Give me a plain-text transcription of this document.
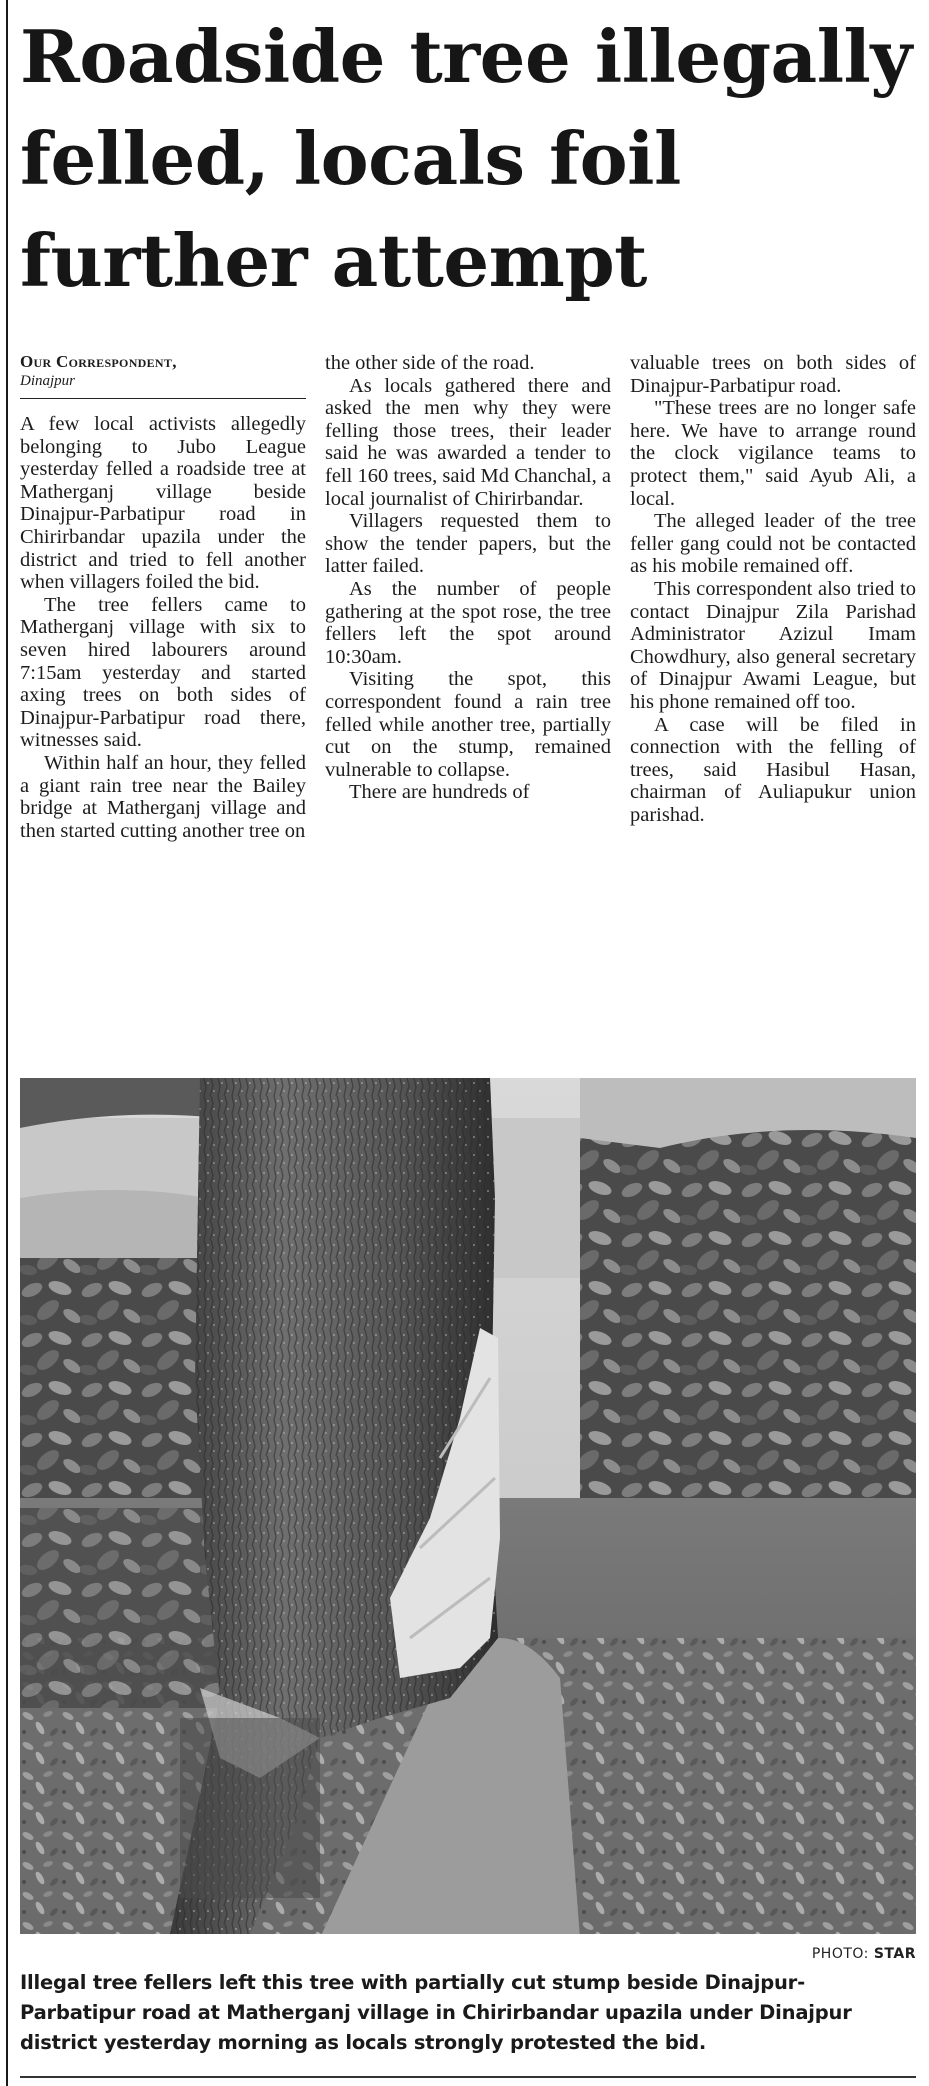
Roadside tree illegally felled, locals foil further attempt
Our Correspondent,
Dinajpur

A few local activists allegedly belonging to Jubo League yesterday felled a roadside tree at Matherganj village beside Dinajpur-Parbatipur road in Chirirbandar upazila under the district and tried to fell another when villagers foiled the bid.

The tree fellers came to Matherganj village with six to seven hired labourers around 7:15am yesterday and started axing trees on both sides of Dinajpur-Parbatipur road there, witnesses said.

Within half an hour, they felled a giant rain tree near the Bailey bridge at Matherganj village and then started cutting another tree on

the other side of the road.

As locals gathered there and asked the men why they were felling those trees, their leader said he was awarded a tender to fell 160 trees, said Md Chanchal, a local journalist of Chirirbandar.

Villagers requested them to show the tender papers, but the latter failed.

As the number of people gathering at the spot rose, the tree fellers left the spot around 10:30am.

Visiting the spot, this correspondent found a rain tree felled while another tree, partially cut on the stump, remained vulnerable to collapse.

There are hundreds of

valuable trees on both sides of Dinajpur-Parbatipur road.

"These trees are no longer safe here. We have to arrange round the clock vigilance teams to protect them," said Ayub Ali, a local.

The alleged leader of the tree feller gang could not be contacted as his mobile remained off.

This correspondent also tried to contact Dinajpur Zila Parishad Administrator Azizul Imam Chowdhury, also general secretary of Dinajpur Awami League, but his phone remained off too.

A case will be filed in connection with the felling of trees, said Hasibul Hasan, chairman of Auliapukur union parishad.

PHOTO: STAR

Illegal tree fellers left this tree with partially cut stump beside Dinajpur-Parbatipur road at Matherganj village in Chirirbandar upazila under Dinajpur district yesterday morning as locals strongly protested the bid.
